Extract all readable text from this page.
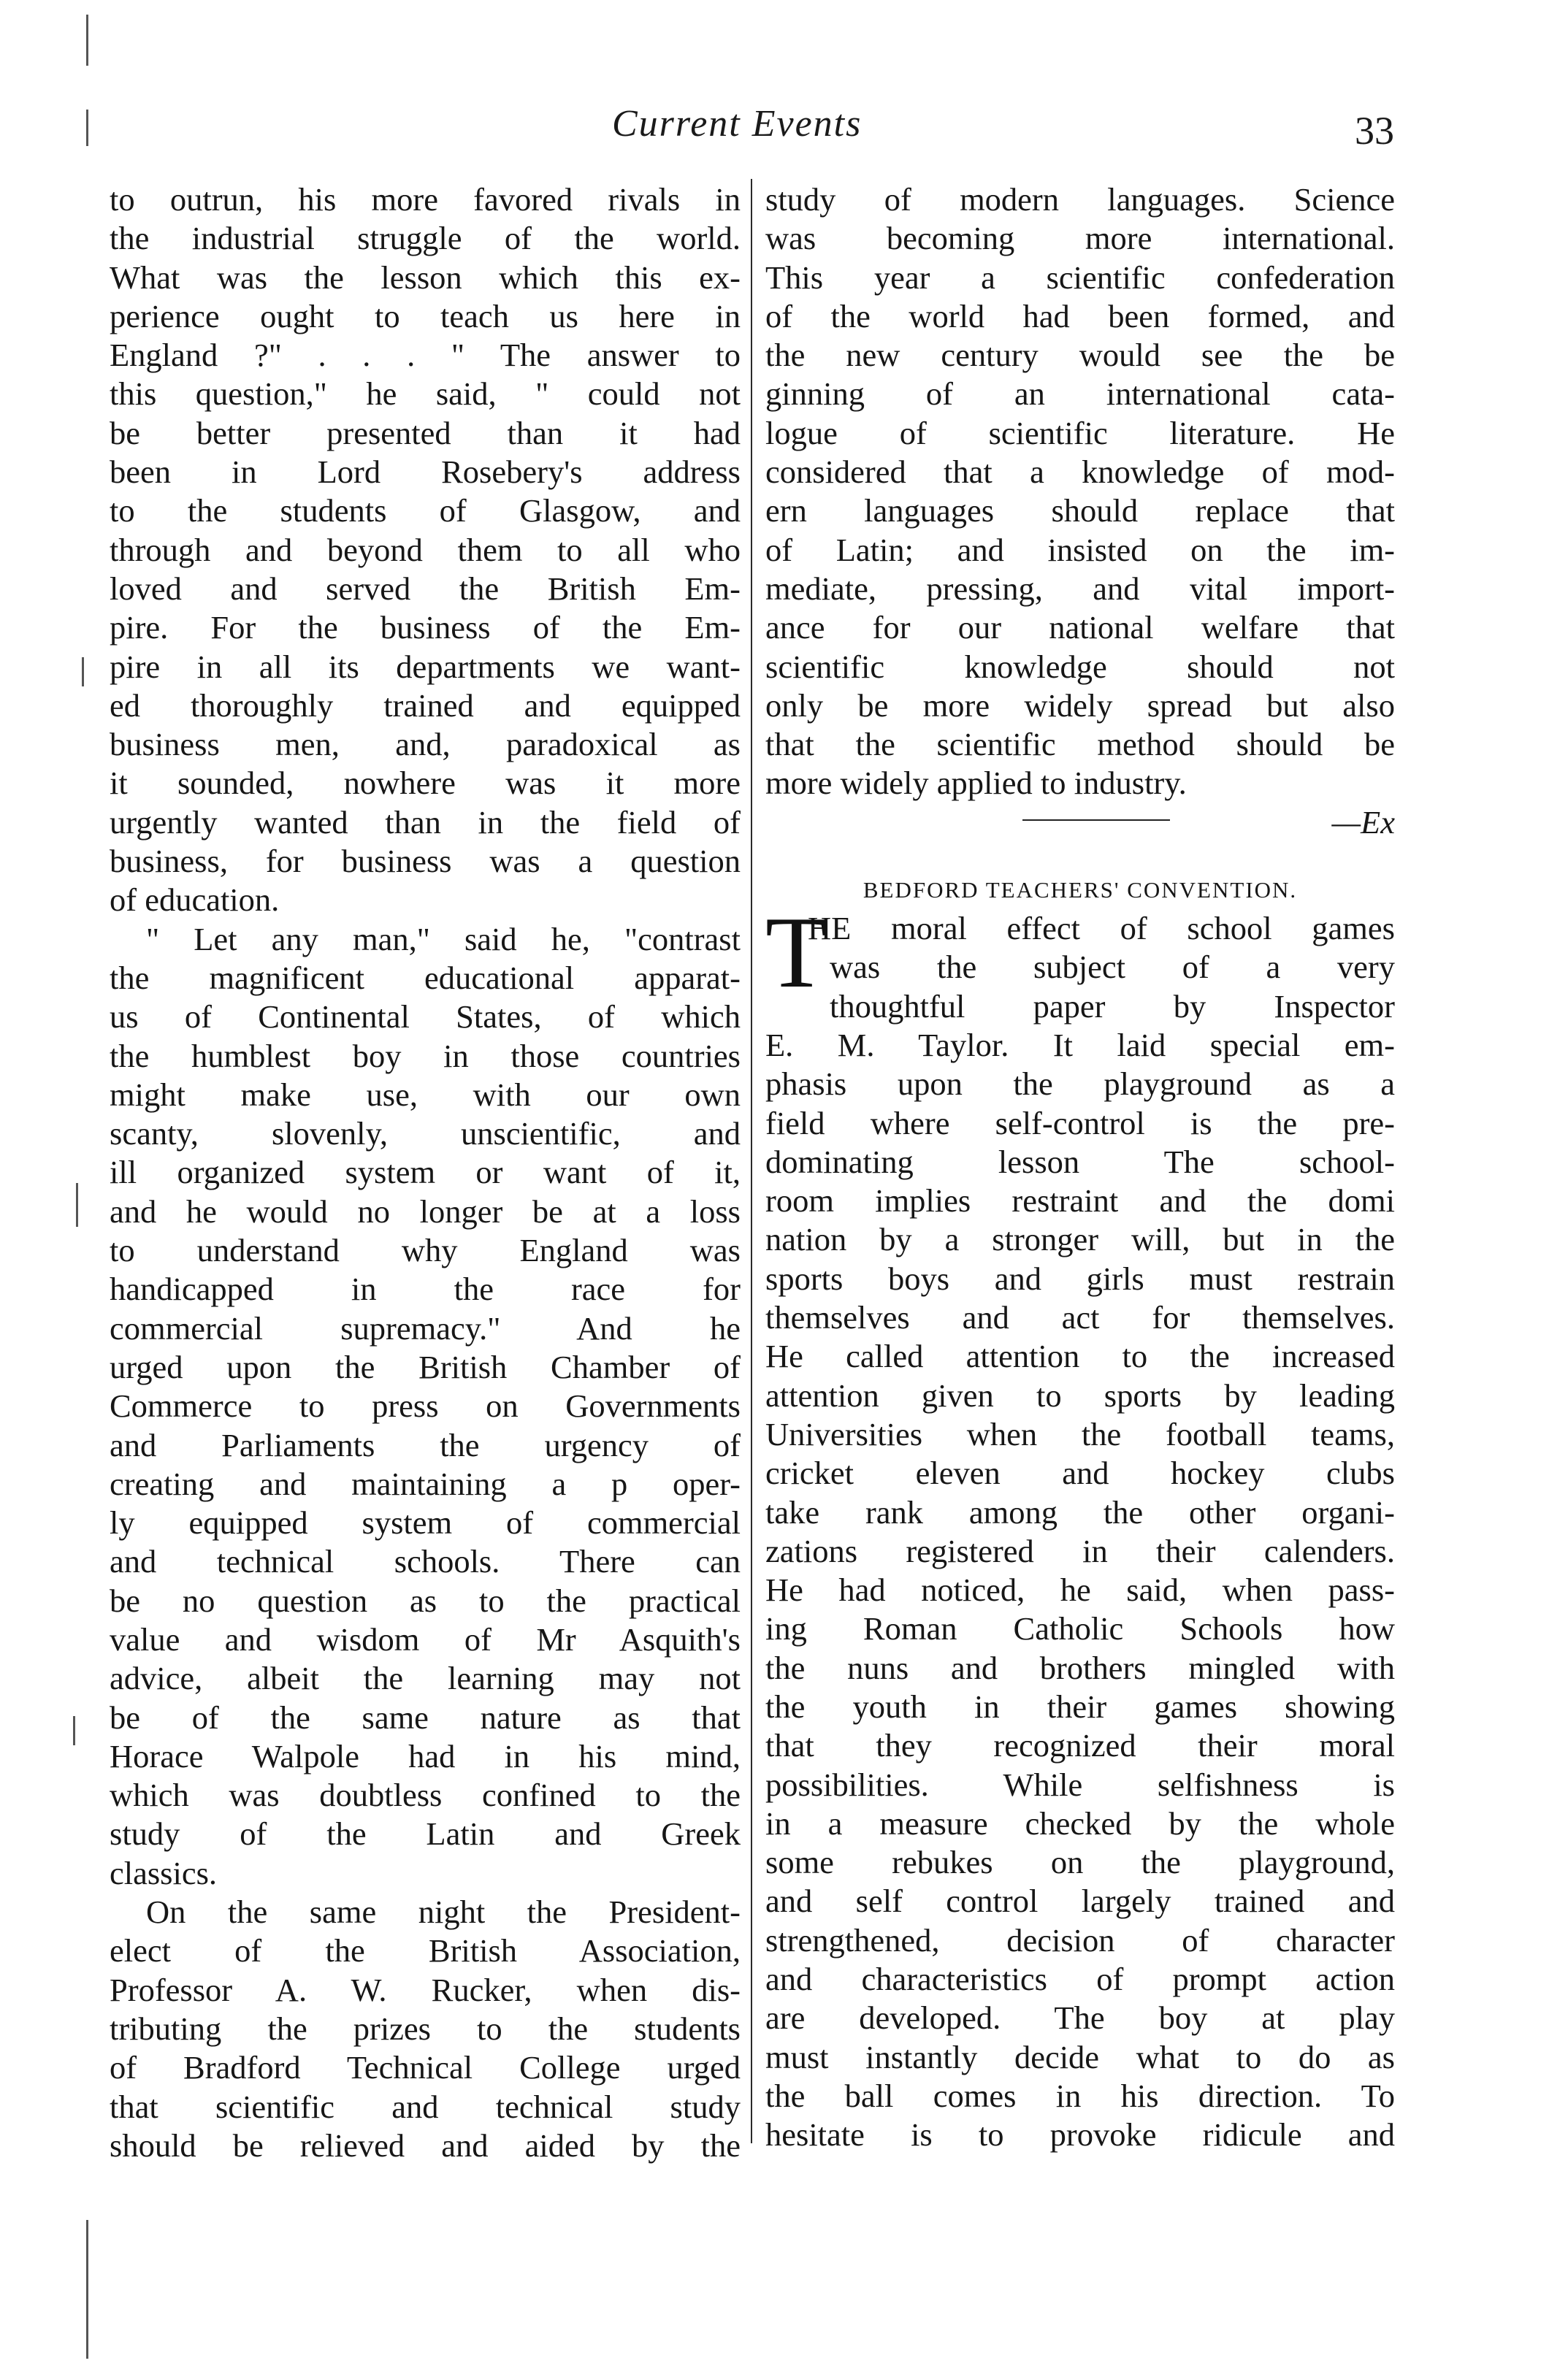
Current Events	33
to outrun, his more favored rivals in
the industrial struggle of the world.
What was the lesson which this ex-
perience ought to teach us here in
England ?" . . . " The answer to
this question," he said, " could not
be better presented than it had
been in Lord Rosebery's address
to the students of Glasgow, and
through and beyond them to all who
loved and served the British Em-
pire. For the business of the Em-
pire in all its departments we want-
ed thoroughly trained and equipped
business men, and, paradoxical as
it sounded, nowhere was it more
urgently wanted than in the field of
business, for business was a question
of education.
" Let any man," said he, "contrast
the magnificent educational apparat-
us of Continental States, of which
the humblest boy in those countries
might make use, with our own
scanty, slovenly, unscientific, and
ill organized system or want of it,
and he would no longer be at a loss
to understand why England was
handicapped in the race for
commercial supremacy." And he
urged upon the British Chamber of
Commerce to press on Governments
and Parliaments the urgency of
creating and maintaining a p oper-
ly equipped system of commercial
and technical schools. There can
be no question as to the practical
value and wisdom of Mr Asquith's
advice, albeit the learning may not
be of the same nature as that
Horace Walpole had in his mind,
which was doubtless confined to the
study of the Latin and Greek
classics.
On the same night the President-
elect of the British Association,
Professor A. W. Rucker, when dis-
tributing the prizes to the students
of Bradford Technical College urged
that scientific and technical study
should be relieved and aided by the
study of modern languages. Science
was becoming more international.
This year a scientific confederation
of the world had been formed, and
the new century would see the be
ginning of an international cata-
logue of scientific literature. He
considered that a knowledge of mod-
ern languages should replace that
of Latin; and insisted on the im-
mediate, pressing, and vital import-
ance for our national welfare that
scientific knowledge should not
only be more widely spread but also
that the scientific method should be
more widely applied to industry.
—Ex
BEDFORD TEACHERS' CONVENTION.
T
HE moral effect of school games
was the subject of a very
thoughtful paper by Inspector
E. M. Taylor. It laid special em-
phasis upon the playground as a
field where self-control is the pre-
dominating lesson The school-
room implies restraint and the domi
nation by a stronger will, but in the
sports boys and girls must restrain
themselves and act for themselves.
He called attention to the increased
attention given to sports by leading
Universities when the football teams,
cricket eleven and hockey clubs
take rank among the other organi-
zations registered in their calenders.
He had noticed, he said, when pass-
ing Roman Catholic Schools how
the nuns and brothers mingled with
the youth in their games showing
that they recognized their moral
possibilities. While selfishness is
in a measure checked by the whole
some rebukes on the playground,
and self control largely trained and
strengthened, decision of character
and characteristics of prompt action
are developed. The boy at play
must instantly decide what to do as
the ball comes in his direction. To
hesitate is to provoke ridicule and
